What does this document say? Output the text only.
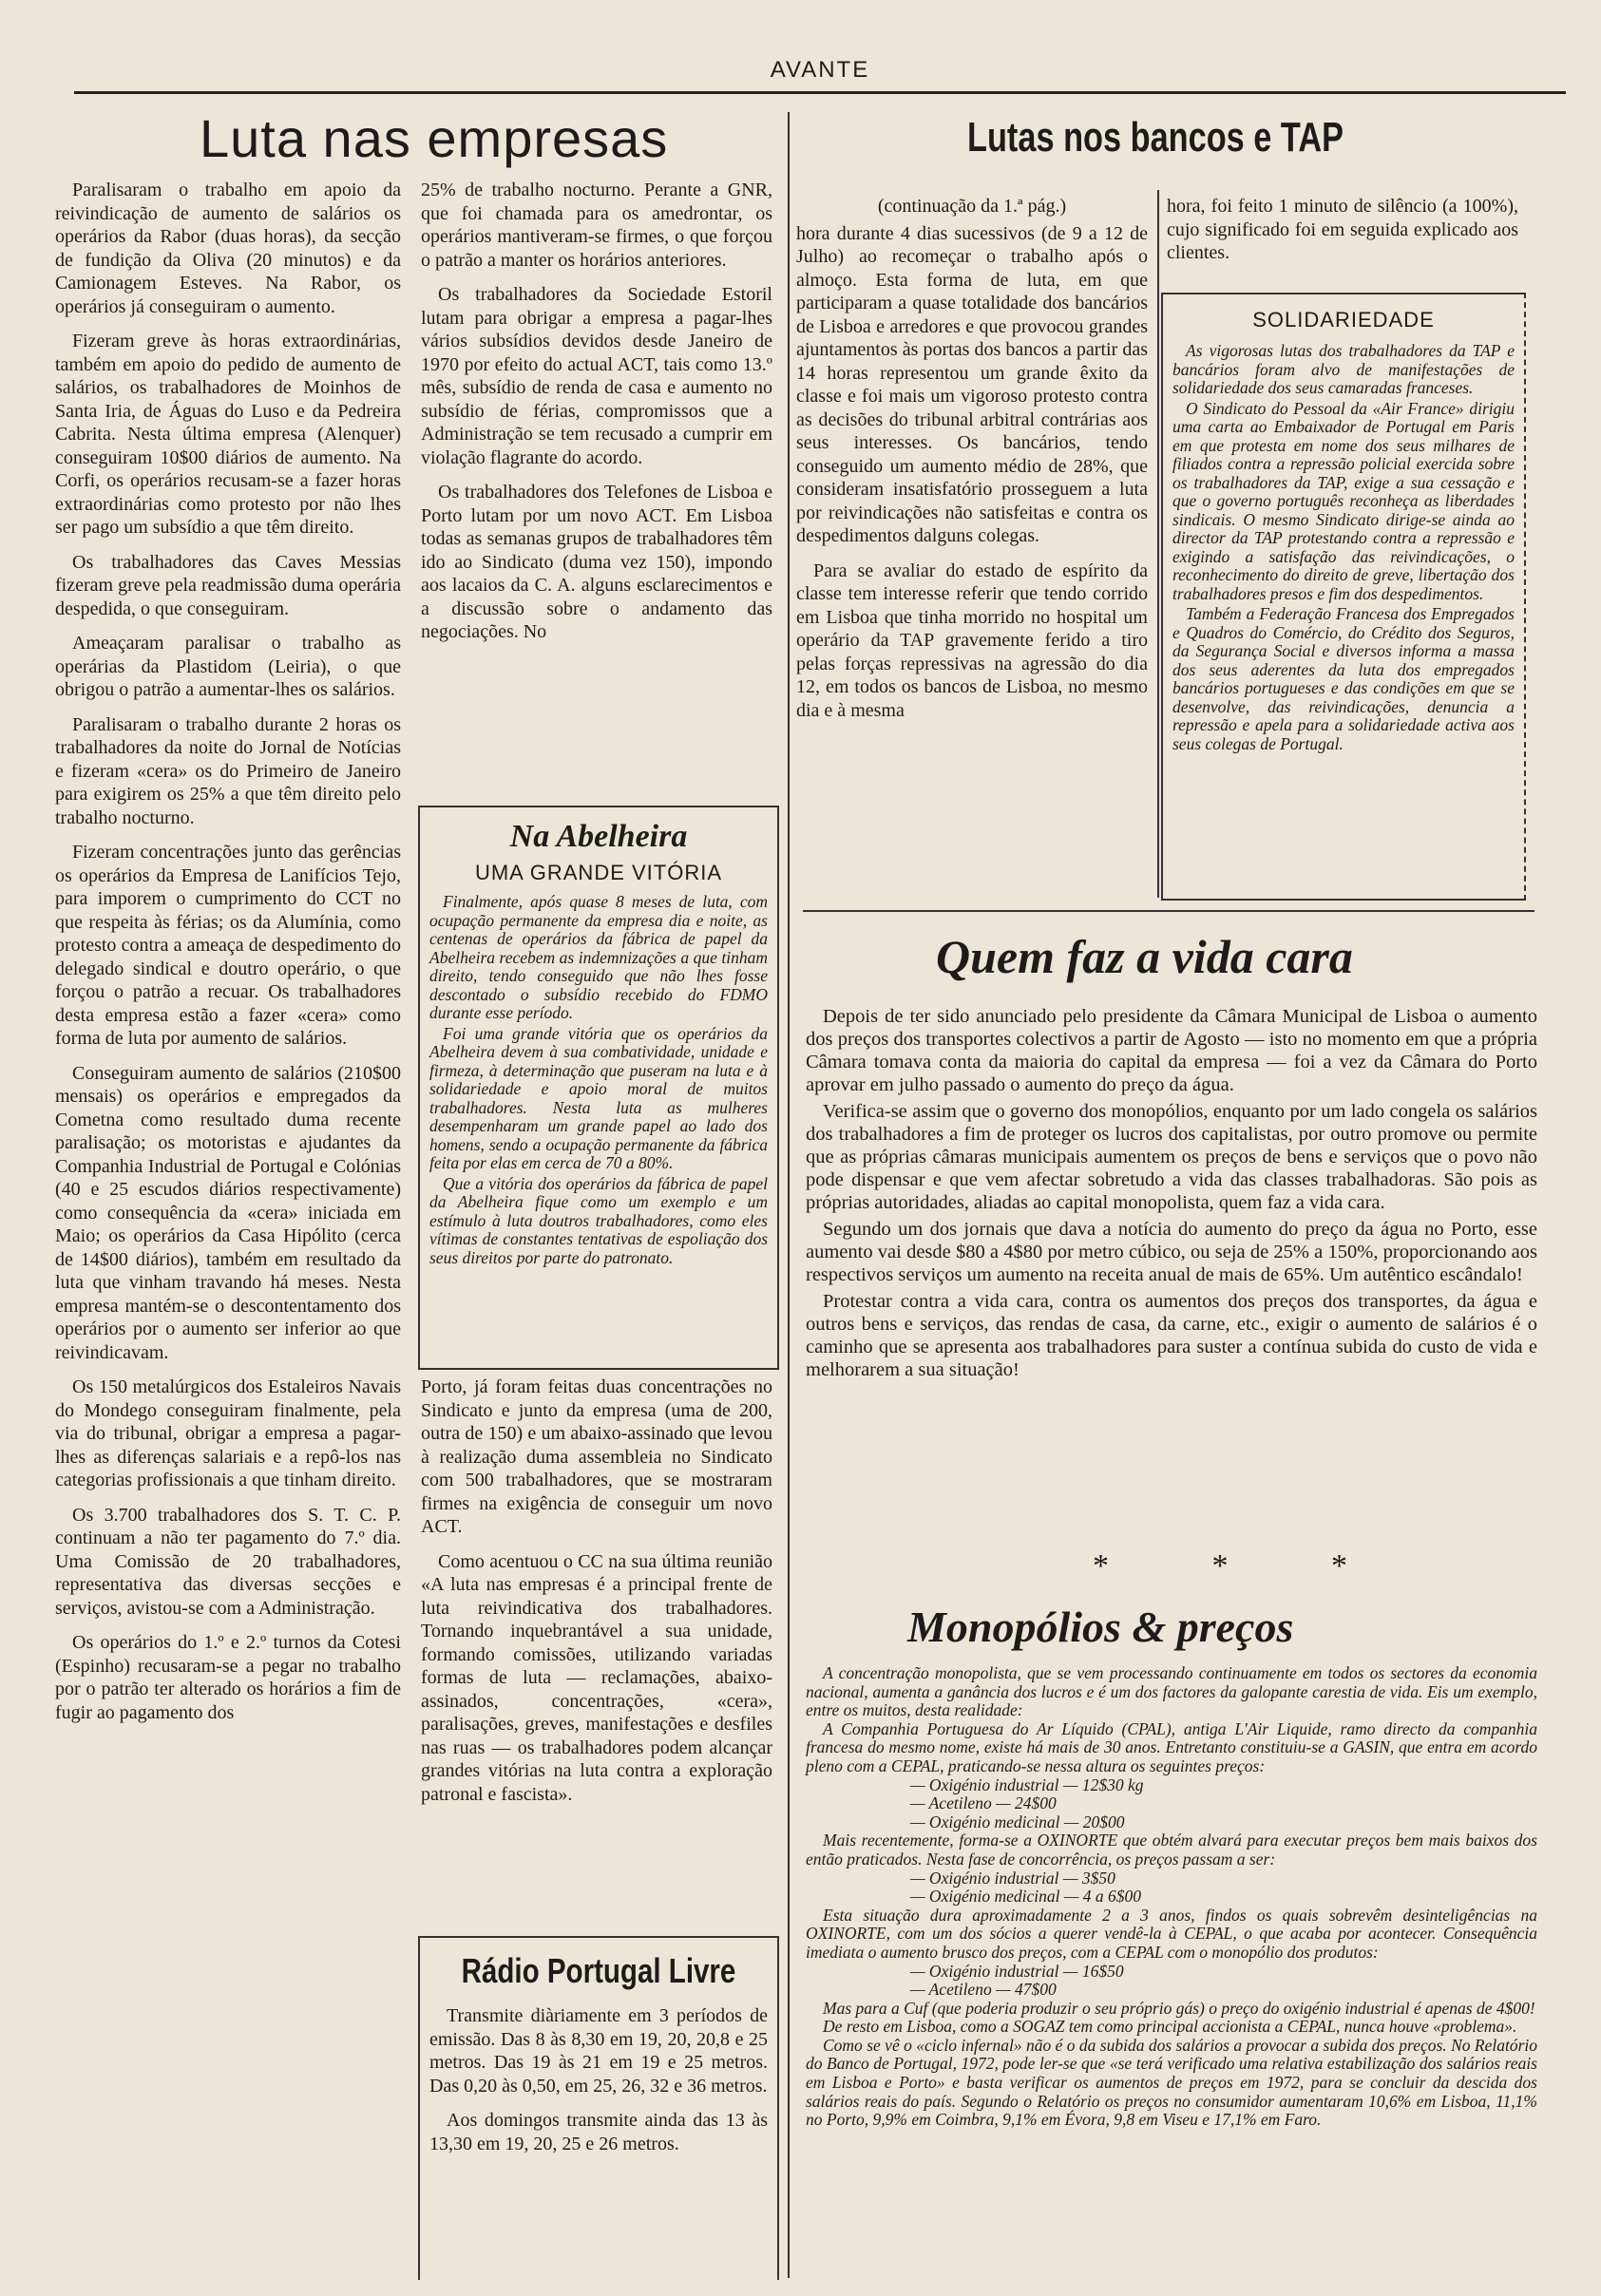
AVANTE
Luta nas empresas

Paralisaram o trabalho em apoio da reivindicação de aumento de salários os operários da Rabor (duas horas), da secção de fundição da Oliva (20 minutos) e da Camionagem Esteves. Na Rabor, os operários já conseguiram o aumento.

Fizeram greve às horas extraordinárias, também em apoio do pedido de aumento de salários, os trabalhadores de Moinhos de Santa Iria, de Águas do Luso e da Pedreira Cabrita. Nesta última empresa (Alenquer) conseguiram 10$00 diários de aumento. Na Corfi, os operários recusam-se a fazer horas extraordinárias como protesto por não lhes ser pago um subsídio a que têm direito.

Os trabalhadores das Caves Messias fizeram greve pela readmissão duma operária despedida, o que conseguiram.

Ameaçaram paralisar o trabalho as operárias da Plastidom (Leiria), o que obrigou o patrão a aumentar-lhes os salários.

Paralisaram o trabalho durante 2 horas os trabalhadores da noite do Jornal de Notícias e fizeram «cera» os do Primeiro de Janeiro para exigirem os 25% a que têm direito pelo trabalho nocturno.

Fizeram concentrações junto das gerências os operários da Empresa de Lanifícios Tejo, para imporem o cumprimento do CCT no que respeita às férias; os da Alumínia, como protesto contra a ameaça de despedimento do delegado sindical e doutro operário, o que forçou o patrão a recuar. Os trabalhadores desta empresa estão a fazer «cera» como forma de luta por aumento de salários.

Conseguiram aumento de salários (210$00 mensais) os operários e empregados da Cometna como resultado duma recente paralisação; os motoristas e ajudantes da Companhia Industrial de Portugal e Colónias (40 e 25 escudos diários respectivamente) como consequência da «cera» iniciada em Maio; os operários da Casa Hipólito (cerca de 14$00 diários), também em resultado da luta que vinham travando há meses. Nesta empresa mantém-se o descontentamento dos operários por o aumento ser inferior ao que reivindicavam.

Os 150 metalúrgicos dos Estaleiros Navais do Mondego conseguiram finalmente, pela via do tribunal, obrigar a empresa a pagar-lhes as diferenças salariais e a repô-los nas categorias profissionais a que tinham direito.

Os 3.700 trabalhadores dos S. T. C. P. continuam a não ter pagamento do 7.º dia. Uma Comissão de 20 trabalhadores, representativa das diversas secções e serviços, avistou-se com a Administração.

Os operários do 1.º e 2.º turnos da Cotesi (Espinho) recusaram-se a pegar no trabalho por o patrão ter alterado os horários a fim de fugir ao pagamento dos

25% de trabalho nocturno. Perante a GNR, que foi chamada para os amedrontar, os operários mantiveram-se firmes, o que forçou o patrão a manter os horários anteriores.

Os trabalhadores da Sociedade Estoril lutam para obrigar a empresa a pagar-lhes vários subsídios devidos desde Janeiro de 1970 por efeito do actual ACT, tais como 13.º mês, subsídio de renda de casa e aumento no subsídio de férias, compromissos que a Administração se tem recusado a cumprir em violação flagrante do acordo.

Os trabalhadores dos Telefones de Lisboa e Porto lutam por um novo ACT. Em Lisboa todas as semanas grupos de trabalhadores têm ido ao Sindicato (duma vez 150), impondo aos lacaios da C. A. alguns esclarecimentos e a discussão sobre o andamento das negociações. No

Na Abelheira
UMA GRANDE VITÓRIA

Finalmente, após quase 8 meses de luta, com ocupação permanente da empresa dia e noite, as centenas de operários da fábrica de papel da Abelheira recebem as indemnizações a que tinham direito, tendo conseguido que não lhes fosse descontado o subsídio recebido do FDMO durante esse período.

Foi uma grande vitória que os operários da Abelheira devem à sua combatividade, unidade e firmeza, à determinação que puseram na luta e à solidariedade e apoio moral de muitos trabalhadores. Nesta luta as mulheres desempenharam um grande papel ao lado dos homens, sendo a ocupação permanente da fábrica feita por elas em cerca de 70 a 80%.

Que a vitória dos operários da fábrica de papel da Abelheira fique como um exemplo e um estímulo à luta doutros trabalhadores, como eles vítimas de constantes tentativas de espoliação dos seus direitos por parte do patronato.

Porto, já foram feitas duas concentrações no Sindicato e junto da empresa (uma de 200, outra de 150) e um abaixo-assinado que levou à realização duma assembleia no Sindicato com 500 trabalhadores, que se mostraram firmes na exigência de conseguir um novo ACT.

Como acentuou o CC na sua última reunião «A luta nas empresas é a principal frente de luta reivindicativa dos trabalhadores. Tornando inquebrantável a sua unidade, formando comissões, utilizando variadas formas de luta — reclamações, abaixo-assinados, concentrações, «cera», paralisações, greves, manifestações e desfiles nas ruas — os trabalhadores podem alcançar grandes vitórias na luta contra a exploração patronal e fascista».

Rádio Portugal Livre

Transmite diàriamente em 3 períodos de emissão. Das 8 às 8,30 em 19, 20, 20,8 e 25 metros. Das 19 às 21 em 19 e 25 metros. Das 0,20 às 0,50, em 25, 26, 32 e 36 metros.

Aos domingos transmite ainda das 13 às 13,30 em 19, 20, 25 e 26 metros.

Lutas nos bancos e TAP

(continuação da 1.ª pág.)

hora durante 4 dias sucessivos (de 9 a 12 de Julho) ao recomeçar o trabalho após o almoço. Esta forma de luta, em que participaram a quase totalidade dos bancários de Lisboa e arredores e que provocou grandes ajuntamentos às portas dos bancos a partir das 14 horas representou um grande êxito da classe e foi mais um vigoroso protesto contra as decisões do tribunal arbitral contrárias aos seus interesses. Os bancários, tendo conseguido um aumento médio de 28%, que consideram insatisfatório prosseguem a luta por reivindicações não satisfeitas e contra os despedimentos dalguns colegas.

Para se avaliar do estado de espírito da classe tem interesse referir que tendo corrido em Lisboa que tinha morrido no hospital um operário da TAP gravemente ferido a tiro pelas forças repressivas na agressão do dia 12, em todos os bancos de Lisboa, no mesmo dia e à mesma

hora, foi feito 1 minuto de silêncio (a 100%), cujo significado foi em seguida explicado aos clientes.

SOLIDARIEDADE

As vigorosas lutas dos trabalhadores da TAP e bancários foram alvo de manifestações de solidariedade dos seus camaradas franceses.

O Sindicato do Pessoal da «Air France» dirigiu uma carta ao Embaixador de Portugal em Paris em que protesta em nome dos seus milhares de filiados contra a repressão policial exercida sobre os trabalhadores da TAP, exige a sua cessação e que o governo português reconheça as liberdades sindicais. O mesmo Sindicato dirige-se ainda ao director da TAP protestando contra a repressão e exigindo a satisfação das reivindicações, o reconhecimento do direito de greve, libertação dos trabalhadores presos e fim dos despedimentos.

Também a Federação Francesa dos Empregados e Quadros do Comércio, do Crédito dos Seguros, da Segurança Social e diversos informa a massa dos seus aderentes da luta dos empregados bancários portugueses e das condições em que se desenvolve, das reivindicações, denuncia a repressão e apela para a solidariedade activa aos seus colegas de Portugal.

Quem faz a vida cara

Depois de ter sido anunciado pelo presidente da Câmara Municipal de Lisboa o aumento dos preços dos transportes colectivos a partir de Agosto — isto no momento em que a própria Câmara tomava conta da maioria do capital da empresa — foi a vez da Câmara do Porto aprovar em julho passado o aumento do preço da água.

Verifica-se assim que o governo dos monopólios, enquanto por um lado congela os salários dos trabalhadores a fim de proteger os lucros dos capitalistas, por outro promove ou permite que as próprias câmaras municipais aumentem os preços de bens e serviços que o povo não pode dispensar e que vem afectar sobretudo a vida das classes trabalhadoras. São pois as próprias autoridades, aliadas ao capital monopolista, quem faz a vida cara.

Segundo um dos jornais que dava a notícia do aumento do preço da água no Porto, esse aumento vai desde $80 a 4$80 por metro cúbico, ou seja de 25% a 150%, proporcionando aos respectivos serviços um aumento na receita anual de mais de 65%. Um autêntico escândalo!

Protestar contra a vida cara, contra os aumentos dos preços dos transportes, da água e outros bens e serviços, das rendas de casa, da carne, etc., exigir o aumento de salários é o caminho que se apresenta aos trabalhadores para suster a contínua subida do custo de vida e melhorarem a sua situação!

* * *
Monopólios & preços

A concentração monopolista, que se vem processando continuamente em todos os sectores da economia nacional, aumenta a ganância dos lucros e é um dos factores da galopante carestia de vida. Eis um exemplo, entre os muitos, desta realidade:

A Companhia Portuguesa do Ar Líquido (CPAL), antiga L'Air Liquide, ramo directo da companhia francesa do mesmo nome, existe há mais de 30 anos. Entretanto constituiu-se a GASIN, que entra em acordo pleno com a CEPAL, praticando-se nessa altura os seguintes preços:

— Oxigénio industrial — 12$30 kg

— Acetileno — 24$00

— Oxigénio medicinal — 20$00

Mais recentemente, forma-se a OXINORTE que obtém alvará para executar preços bem mais baixos dos então praticados. Nesta fase de concorrência, os preços passam a ser:

— Oxigénio industrial — 3$50

— Oxigénio medicinal — 4 a 6$00

Esta situação dura aproximadamente 2 a 3 anos, findos os quais sobrevêm desinteligências na OXINORTE, com um dos sócios a querer vendê-la à CEPAL, o que acaba por acontecer. Consequência imediata o aumento brusco dos preços, com a CEPAL com o monopólio dos produtos:

— Oxigénio industrial — 16$50

— Acetileno — 47$00

Mas para a Cuf (que poderia produzir o seu próprio gás) o preço do oxigénio industrial é apenas de 4$00!

De resto em Lisboa, como a SOGAZ tem como principal accionista a CEPAL, nunca houve «problema».

Como se vê o «ciclo infernal» não é o da subida dos salários a provocar a subida dos preços. No Relatório do Banco de Portugal, 1972, pode ler-se que «se terá verificado uma relativa estabilização dos salários reais em Lisboa e Porto» e basta verificar os aumentos de preços em 1972, para se concluir da descida dos salários reais do país. Segundo o Relatório os preços no consumidor aumentaram 10,6% em Lisboa, 11,1% no Porto, 9,9% em Coimbra, 9,1% em Évora, 9,8 em Viseu e 17,1% em Faro.
